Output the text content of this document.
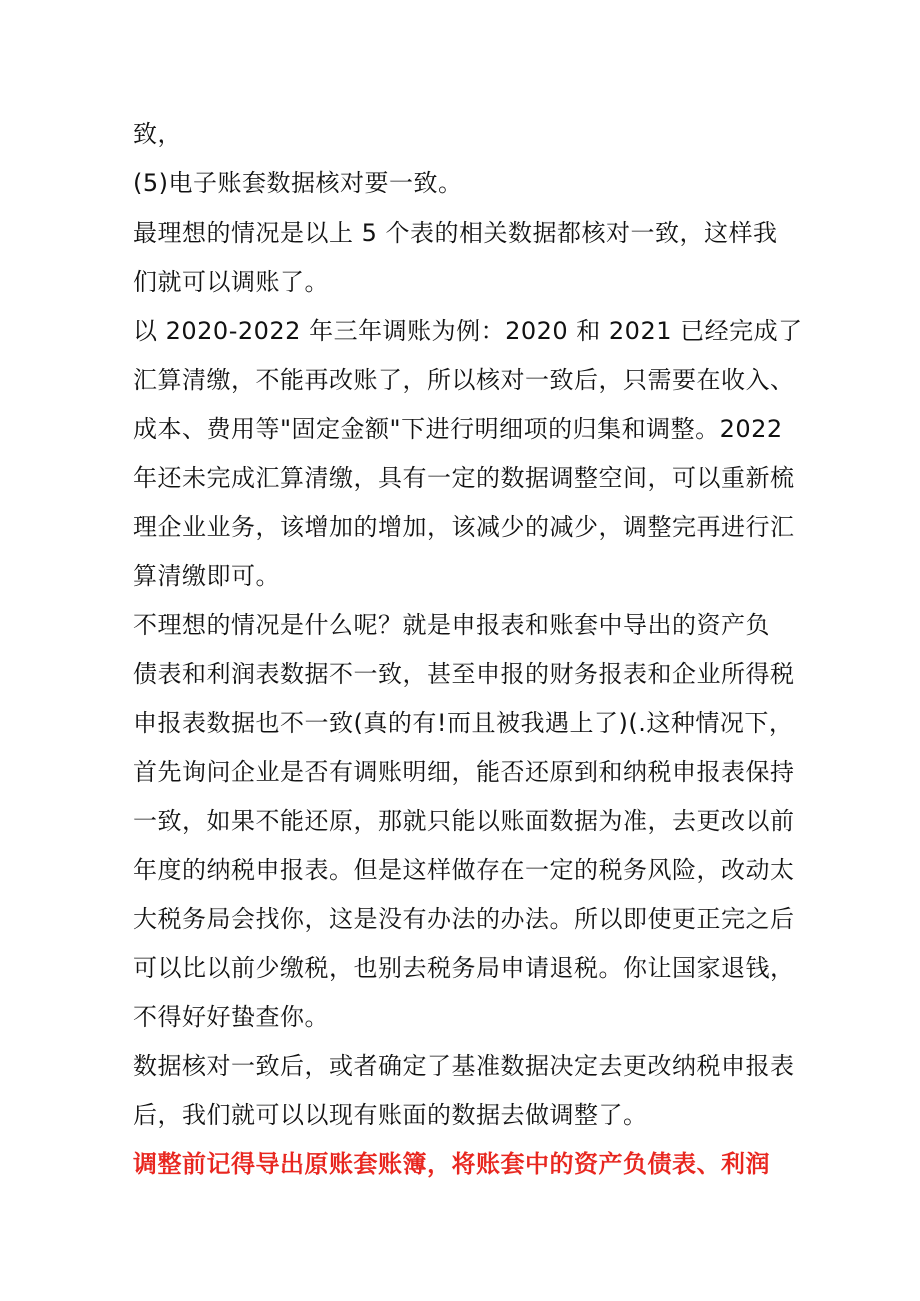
致，
(5)电子账套数据核对要一致。
最理想的情况是以上 5 个表的相关数据都核对一致，这样我
们就可以调账了。
以 2020-2022 年三年调账为例：2020 和 2021 已经完成了
汇算清缴，不能再改账了，所以核对一致后，只需要在收入、
成本、费用等"固定金额"下进行明细项的归集和调整。2022
年还未完成汇算清缴，具有一定的数据调整空间，可以重新梳
理企业业务，该增加的增加，该减少的减少，调整完再进行汇
算清缴即可。
不理想的情况是什么呢？就是申报表和账套中导出的资产负
债表和利润表数据不一致，甚至申报的财务报表和企业所得税
申报表数据也不一致(真的有!而且被我遇上了)(.这种情况下，
首先询问企业是否有调账明细，能否还原到和纳税申报表保持
一致，如果不能还原，那就只能以账面数据为准，去更改以前
年度的纳税申报表。但是这样做存在一定的税务风险，改动太
大税务局会找你，这是没有办法的办法。所以即使更正完之后
可以比以前少缴税，也别去税务局申请退税。你让国家退钱，
不得好好蛰查你。
数据核对一致后，或者确定了基准数据决定去更改纳税申报表
后，我们就可以以现有账面的数据去做调整了。
调整前记得导出原账套账簿，将账套中的资产负债表、利润
